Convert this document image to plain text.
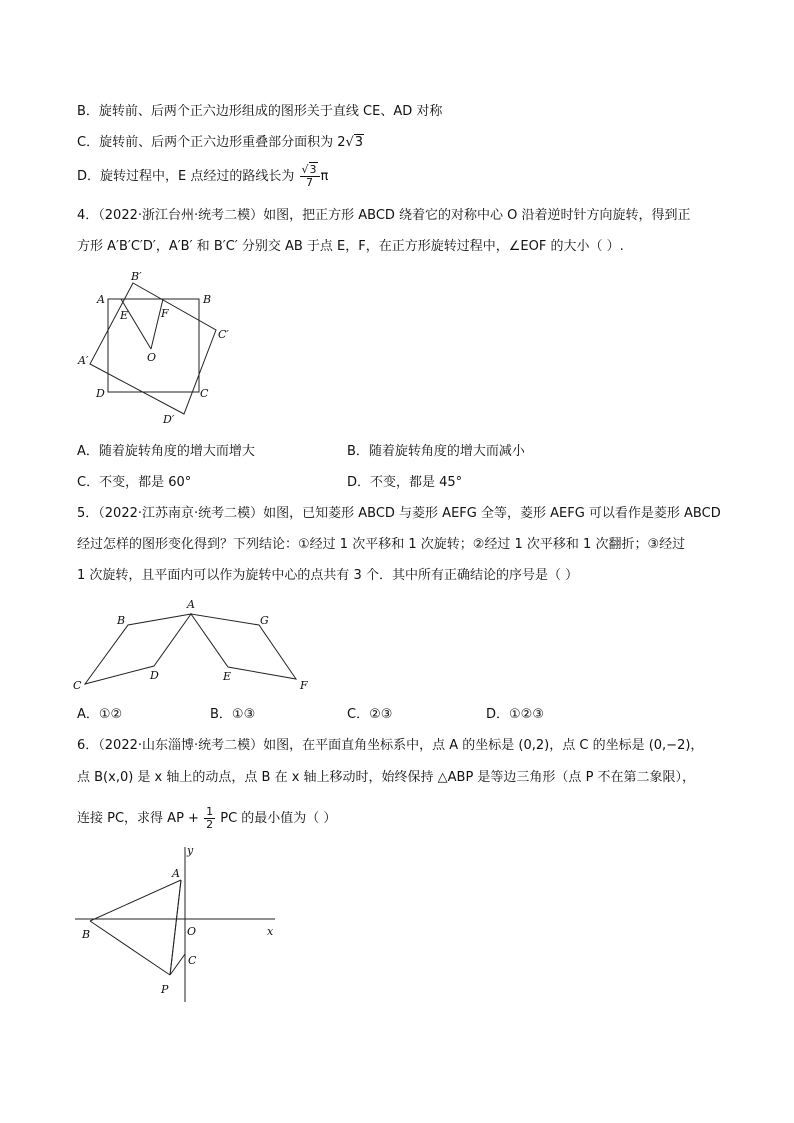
B．旋转前、后两个正六边形组成的图形关于直线 CE、AD 对称
C．旋转前、后两个正六边形重叠部分面积为 2√3
D．旋转过程中，E 点经过的路线长为 $\frac{√3}{7}$ π
4．（2022·浙江台州·统考二模）如图，把正方形 ABCD 绕着它的对称中心 O 沿着逆时针方向旋转，得到正
方形 A′B′C′D′，A′B′ 和 B′C′ 分别交 AB 于点 E，F，在正方形旋转过程中，∠EOF 的大小（ ）.
A	B
C
D
E	F
O
A′
B′
C′
D′
A．随着旋转角度的增大而增大	B．随着旋转角度的增大而减小
C．不变，都是 60°	D．不变，都是 45°
5．（2022·江苏南京·统考二模）如图，已知菱形 ABCD 与菱形 AEFG 全等，菱形 AEFG 可以看作是菱形 ABCD
经过怎样的图形变化得到？下列结论：①经过 1 次平移和 1 次旋转；②经过 1 次平移和 1 次翻折；③经过
1 次旋转，且平面内可以作为旋转中心的点共有 3 个．其中所有正确结论的序号是（ ）
A
B
C
D	E
F
G
A．①②	B．①③	C．②③	D．①②③
6．（2022·山东淄博·统考二模）如图，在平面直角坐标系中，点 A 的坐标是 (0,2)，点 C 的坐标是 (0,−2)，
点 B(x,0) 是 x 轴上的动点，点 B 在 x 轴上移动时，始终保持 △ABP 是等边三角形（点 P 不在第二象限），
连接 PC，求得 AP + $\frac{1}{2}$ PC 的最小值为（ ）
y
x
A
B	O
C
P
